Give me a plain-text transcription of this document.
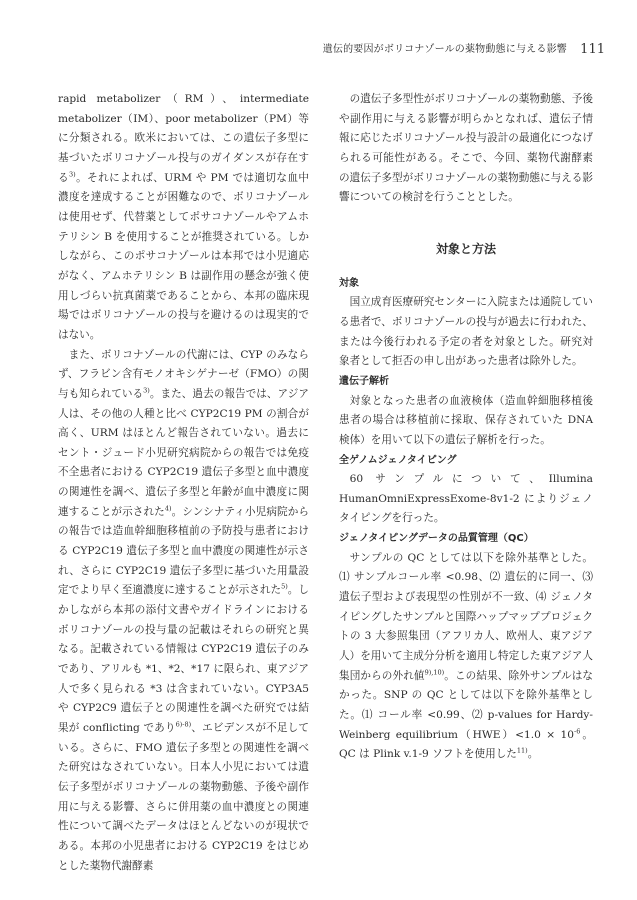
遺伝的要因がボリコナゾールの薬物動態に与える影響 111

rapid metabolizer（RM）、intermediate metabolizer（IM）、poor metabolizer（PM）等に分類される。欧米においては、この遺伝子多型に基づいたボリコナゾール投与のガイダンスが存在する$^{3)}$。それによれば、URM や PM では適切な血中濃度を達成することが困難なので、ボリコナゾールは使用せず、代替薬としてポサコナゾールやアムホテリシン B を使用することが推奨されている。しかしながら、このポサコナゾールは本邦では小児適応がなく、アムホテリシン B は副作用の懸念が強く使用しづらい抗真菌薬であることから、本邦の臨床現場ではボリコナゾールの投与を避けるのは現実的ではない。

また、ボリコナゾールの代謝には、CYP のみならず、フラビン含有モノオキシゲナーゼ（FMO）の関与も知られている$^{3)}$。また、過去の報告では、アジア人は、その他の人種と比べ CYP2C19 PM の割合が高く、URM はほとんど報告されていない。過去にセント・ジュード小児研究病院からの報告では免疫不全患者における CYP2C19 遺伝子多型と血中濃度の関連性を調べ、遺伝子多型と年齢が血中濃度に関連することが示された$^{4)}$。シンシナティ小児病院からの報告では造血幹細胞移植前の予防投与患者における CYP2C19 遺伝子多型と血中濃度の関連性が示され、さらに CYP2C19 遺伝子多型に基づいた用量設定でより早く至適濃度に達することが示された$^{5)}$。しかしながら本邦の添付文書やガイドラインにおけるボリコナゾールの投与量の記載はそれらの研究と異なる。記載されている情報は CYP2C19 遺伝子のみであり、アリルも *1、*2、*17 に限られ、東アジア人で多く見られる *3 は含まれていない。CYP3A5 や CYP2C9 遺伝子との関連性を調べた研究では結果が conflicting であり$^{6)-8)}$、エビデンスが不足している。さらに、FMO 遺伝子多型との関連性を調べた研究はなされていない。日本人小児においては遺伝子多型がボリコナゾールの薬物動態、予後や副作用に与える影響、さらに併用薬の血中濃度との関連性について調べたデータはほとんどないのが現状である。本邦の小児患者における CYP2C19 をはじめとした薬物代謝酵素

の遺伝子多型性がボリコナゾールの薬物動態、予後や副作用に与える影響が明らかとなれば、遺伝子情報に応じたボリコナゾール投与設計の最適化につなげられる可能性がある。そこで、今回、薬物代謝酵素の遺伝子多型がボリコナゾールの薬物動態に与える影響についての検討を行うこととした。

対象と方法

対象

国立成育医療研究センターに入院または通院している患者で、ボリコナゾールの投与が過去に行われた、または今後行われる予定の者を対象とした。研究対象者として拒否の申し出があった患者は除外した。

遺伝子解析

対象となった患者の血液検体（造血幹細胞移植後患者の場合は移植前に採取、保存されていた DNA 検体）を用いて以下の遺伝子解析を行った。

全ゲノムジェノタイピング

60 サンプルについて、Illumina HumanOmniExpressExome-8v1-2 によりジェノタイピングを行った。

ジェノタイピングデータの品質管理（QC）

サンプルの QC としては以下を除外基準とした。⑴ サンプルコール率 <0.98、⑵ 遺伝的に同一、⑶ 遺伝子型および表現型の性別が不一致、⑷ ジェノタイピングしたサンプルと国際ハップマッププロジェクトの 3 大参照集団（アフリカ人、欧州人、東アジア人）を用いて主成分分析を適用し特定した東アジア人集団からの外れ値$^{9),10)}$。この結果、除外サンプルはなかった。SNP の QC としては以下を除外基準とした。⑴ コール率 <0.99、⑵ p-values for Hardy-Weinberg equilibrium（HWE）<1.0 × $10^{-6}$。QC は Plink v.1-9 ソフトを使用した$^{11)}$。
